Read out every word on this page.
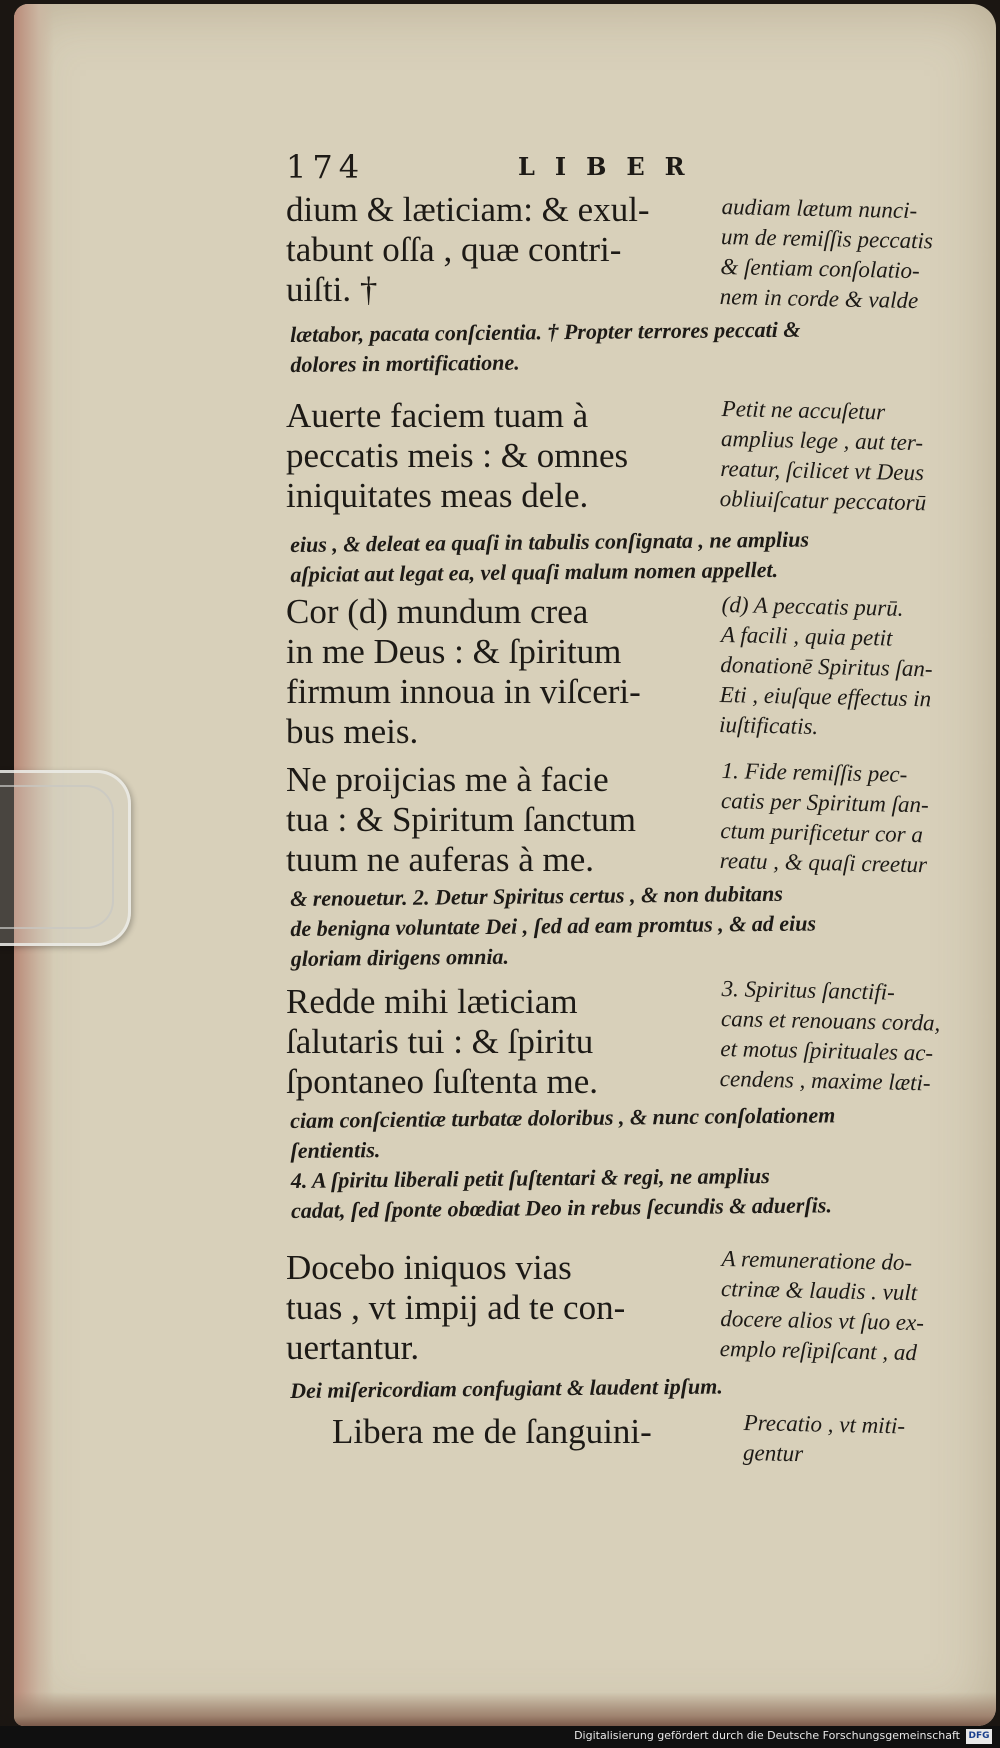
174	LIBER
dium & læticiam: & exul-
tabunt oſſa , quæ contri-
uiſti. †
audiam lætum nunci-
um de remiſſis peccatis
& ſentiam conſolatio-
nem in corde & valde
lætabor, pacata conſcientia. † Propter terrores peccati &
dolores in mortificatione.
Auerte faciem tuam à
peccatis meis : & omnes
iniquitates meas dele.
Petit ne accuſetur
amplius lege , aut ter-
reatur, ſcilicet vt Deus
obliuiſcatur peccatorū
eius , & deleat ea quaſi in tabulis conſignata , ne amplius
aſpiciat aut legat ea, vel quaſi malum nomen appellet.
Cor (d) mundum crea
in me Deus : & ſpiritum
firmum innoua in viſceri-
bus meis.
(d) A peccatis purū.
A facili , quia petit
donationē Spiritus ſan-
Eti , eiuſque effectus in
iuſtificatis.
Ne proijcias me à facie
tua : & Spiritum ſanctum
tuum ne auferas à me.
1. Fide remiſſis pec-
catis per Spiritum ſan-
ctum purificetur cor a
reatu , & quaſi creetur
& renouetur. 2. Detur Spiritus certus , & non dubitans
de benigna voluntate Dei , ſed ad eam promtus , & ad eius
gloriam dirigens omnia.
Redde mihi læticiam
ſalutaris tui : & ſpiritu
ſpontaneo ſuſtenta me.
3. Spiritus ſanctifi-
cans et renouans corda,
et motus ſpirituales ac-
cendens , maxime læti-
ciam conſcientiæ turbatæ doloribus , & nunc conſolationem
ſentientis.
4. A ſpiritu liberali petit ſuſtentari & regi, ne amplius
cadat, ſed ſponte obœdiat Deo in rebus ſecundis & aduerſis.
Docebo iniquos vias
tuas , vt impij ad te con-
uertantur.
A remuneratione do-
ctrinæ & laudis . vult
docere alios vt ſuo ex-
emplo reſipiſcant , ad
Dei miſericordiam confugiant & laudent ipſum.
Libera me de ſanguini-	Precatio , vt miti-
gentur
Digitalisierung gefördert durch die Deutsche Forschungsgemeinschaft DFG
